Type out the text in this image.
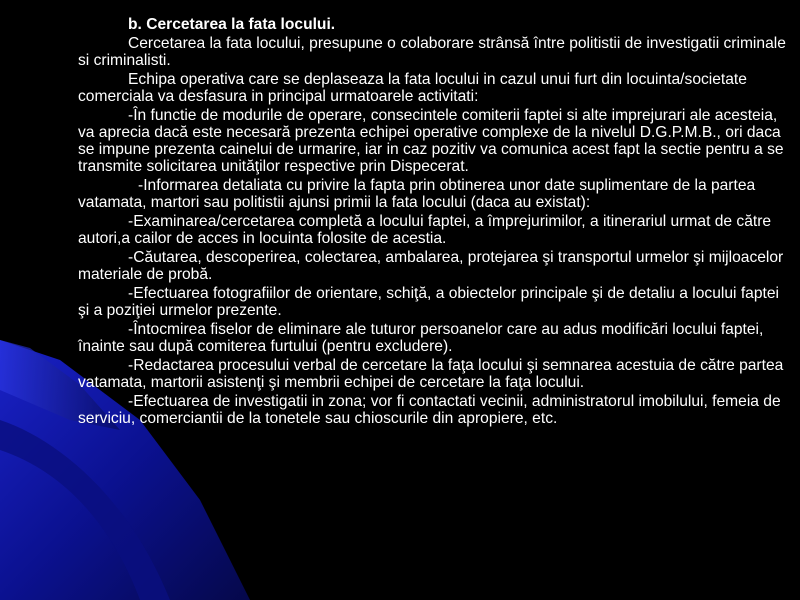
b. Cercetarea la fata locului.

Cercetarea la fata locului, presupune o colaborare strânsă între politistii de investigatii criminale si criminalisti.

Echipa operativa care se deplaseaza la fata locului in cazul unui furt din locuinta/societate comerciala va desfasura in principal urmatoarele activitati:

-În functie de modurile de operare, consecintele comiterii faptei si alte imprejurari ale acesteia, va aprecia dacă este necesară prezenta echipei operative complexe de la nivelul D.G.P.M.B., ori daca se impune prezenta cainelui de urmarire, iar in caz pozitiv va comunica acest fapt la sectie pentru a se transmite solicitarea unităţilor respective prin Dispecerat.

-Informarea detaliata cu privire la fapta prin obtinerea unor date suplimentare de la partea vatamata, martori sau politistii ajunsi primii la fata locului (daca au existat):

-Examinarea/cercetarea completă a locului faptei, a împrejurimilor, a itinerariul urmat de către autori,a cailor de acces in locuinta folosite de acestia.

-Căutarea, descoperirea, colectarea, ambalarea, protejarea şi transportul urmelor şi mijloacelor materiale de probă.

-Efectuarea fotografiilor de orientare, schiţă, a obiectelor principale şi de detaliu a locului faptei şi a poziţiei urmelor prezente.

-Întocmirea fiselor de eliminare ale tuturor persoanelor care au adus modificări locului faptei, înainte sau după comiterea furtului (pentru excludere).

-Redactarea procesului verbal de cercetare la faţa locului şi semnarea acestuia de către partea vatamata, martorii asistenţi şi membrii echipei de cercetare la faţa locului.

-Efectuarea de investigatii in zona; vor fi contactati vecinii, administratorul imobilului, femeia de serviciu, comerciantii de la tonetele sau chioscurile din apropiere, etc.
